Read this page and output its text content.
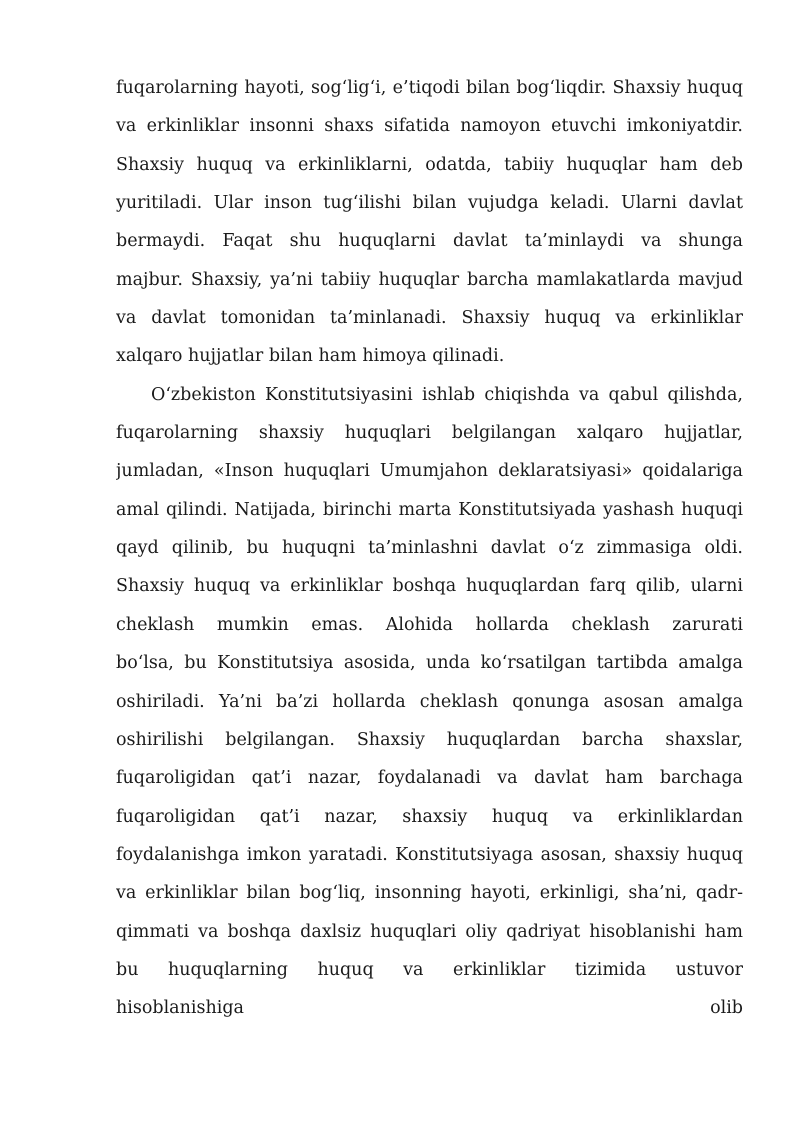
fuqarolarning hayoti, sog‘lig‘i, e’tiqodi bilan bog‘liqdir. Shaxsiy huquq
va erkinliklar insonni shaxs sifatida namoyon etuvchi imkoniyatdir.
Shaxsiy huquq va erkinliklarni, odatda, tabiiy huquqlar ham deb
yuritiladi. Ular inson tug‘ilishi bilan vujudga keladi. Ularni davlat
bermaydi. Faqat shu huquqlarni davlat ta’minlaydi va shunga
majbur. Shaxsiy, ya’ni tabiiy huquqlar barcha mamlakatlarda mavjud
va davlat tomonidan ta’minlanadi. Shaxsiy huquq va erkinliklar
xalqaro hujjatlar bilan ham himoya qilinadi.
O‘zbekiston Konstitutsiyasini ishlab chiqishda va qabul qilishda,
fuqarolarning shaxsiy huquqlari belgilangan xalqaro hujjatlar,
jumladan, «Inson huquqlari Umumjahon deklaratsiyasi» qoidalariga
amal qilindi. Natijada, birinchi marta Konstitutsiyada yashash huquqi
qayd qilinib, bu huquqni ta’minlashni davlat o‘z zimmasiga oldi.
Shaxsiy huquq va erkinliklar boshqa huquqlardan farq qilib, ularni
cheklash mumkin emas. Alohida hollarda cheklash zarurati
bo‘lsa, bu Konstitutsiya asosida, unda ko‘rsatilgan tartibda amalga
oshiriladi. Ya’ni ba’zi hollarda cheklash qonunga asosan amalga
oshirilishi belgilangan. Shaxsiy huquqlardan barcha shaxslar,
fuqaroligidan qat’i nazar, foydalanadi va davlat ham barchaga
fuqaroligidan qat’i nazar, shaxsiy huquq va erkinliklardan
foydalanishga imkon yaratadi. Konstitutsiyaga asosan, shaxsiy huquq
va erkinliklar bilan bog‘liq, insonning hayoti, erkinligi, sha’ni, qadr-
qimmati va boshqa daxlsiz huquqlari oliy qadriyat hisoblanishi ham
bu huquqlarning huquq va erkinliklar tizimida ustuvor
hisoblanishiga olib
